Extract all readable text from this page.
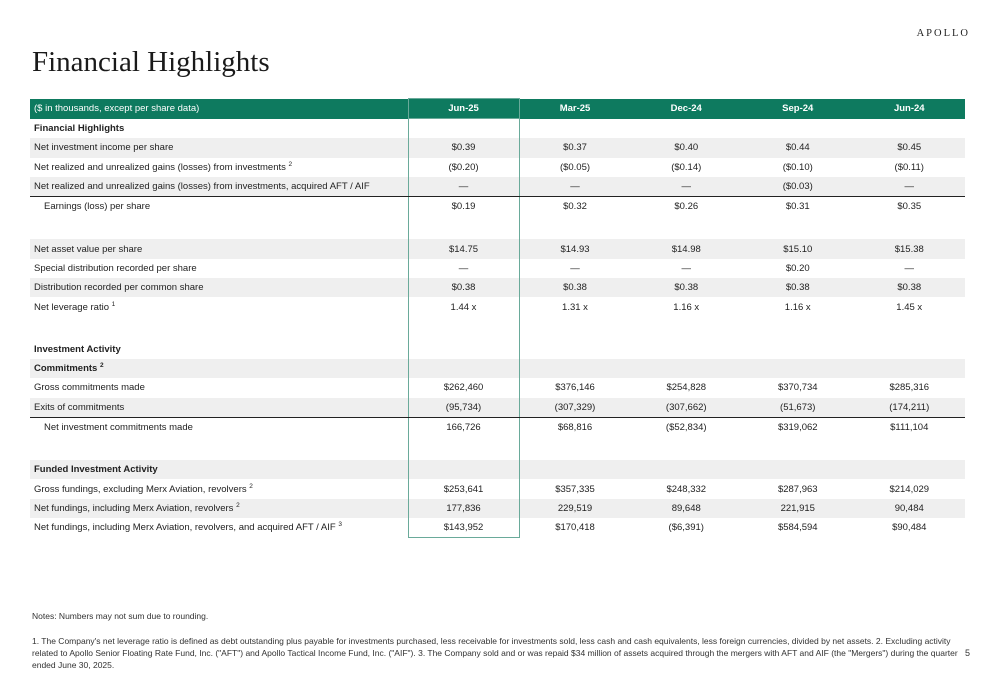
APOLLO
Financial Highlights
($ in thousands, except per share data)	Jun-25	Mar-25	Dec-24	Sep-24	Jun-24
Financial Highlights					
Net investment income per share	$0.39	$0.37	$0.40	$0.44	$0.45
Net realized and unrealized gains (losses) from investments $^2$	($0.20)	($0.05)	($0.14)	($0.10)	($0.11)
Net realized and unrealized gains (losses) from investments, acquired AFT / AIF	—	—	—	($0.03)	—
Earnings (loss) per share	$0.19	$0.32	$0.26	$0.31	$0.35

Net asset value per share	$14.75	$14.93	$14.98	$15.10	$15.38
Special distribution recorded per share	—	—	—	$0.20	—
Distribution recorded per common share	$0.38	$0.38	$0.38	$0.38	$0.38
Net leverage ratio $^1$	1.44 x	1.31 x	1.16 x	1.16 x	1.45 x

Investment Activity					
Commitments $^2$					
Gross commitments made	$262,460	$376,146	$254,828	$370,734	$285,316
Exits of commitments	(95,734)	(307,329)	(307,662)	(51,673)	(174,211)
Net investment commitments made	166,726	$68,816	($52,834)	$319,062	$111,104

Funded Investment Activity					
Gross fundings, excluding Merx Aviation, revolvers $^2$	$253,641	$357,335	$248,332	$287,963	$214,029
Net fundings, including Merx Aviation, revolvers $^2$	177,836	229,519	89,648	221,915	90,484
Net fundings, including Merx Aviation, revolvers, and acquired AFT / AIF $^3$	$143,952	$170,418	($6,391)	$584,594	$90,484
Notes: Numbers may not sum due to rounding.
1. The Company's net leverage ratio is defined as debt outstanding plus payable for investments purchased, less receivable for investments sold, less cash and cash equivalents, less foreign currencies, divided by net assets. 2. Excluding activity related to Apollo Senior Floating Rate Fund, Inc. ("AFT") and Apollo Tactical Income Fund, Inc. ("AIF"). 3. The Company sold and or was repaid $34 million of assets acquired through the mergers with AFT and AIF (the "Mergers") during the quarter ended June 30, 2025.
5
